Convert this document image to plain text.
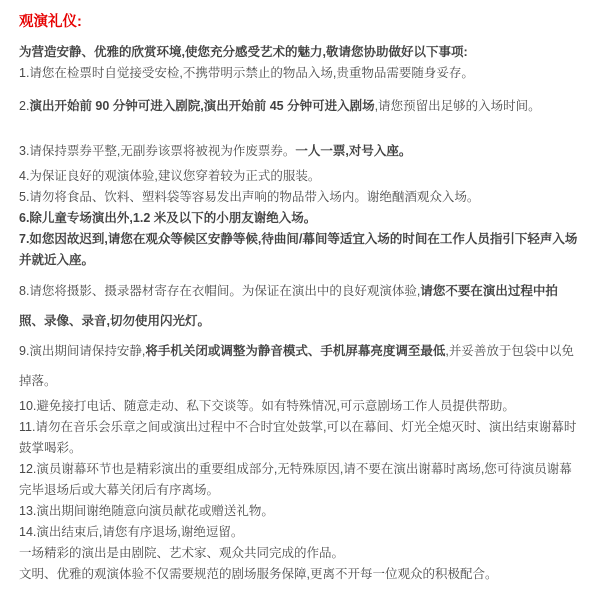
观演礼仪:

为营造安静、优雅的欣赏环境,使您充分感受艺术的魅力,敬请您协助做好以下事项:

1.请您在检票时自觉接受安检,不携带明示禁止的物品入场,贵重物品需要随身妥存。

2.演出开始前 90 分钟可进入剧院,演出开始前 45 分钟可进入剧场,请您预留出足够的入场时间。

3.请保持票券平整,无副券该票将被视为作废票券。一人一票,对号入座。

4.为保证良好的观演体验,建议您穿着较为正式的服装。

5.请勿将食品、饮料、塑料袋等容易发出声响的物品带入场内。谢绝酗酒观众入场。

6.除儿童专场演出外,1.2 米及以下的小朋友谢绝入场。

7.如您因故迟到,请您在观众等候区安静等候,待曲间/幕间等适宜入场的时间在工作人员指引下轻声入场并就近入座。

8.请您将摄影、摄录器材寄存在衣帽间。为保证在演出中的良好观演体验,请您不要在演出过程中拍照、录像、录音,切勿使用闪光灯。

9.演出期间请保持安静,将手机关闭或调整为静音模式、手机屏幕亮度调至最低,并妥善放于包袋中以免掉落。

10.避免接打电话、随意走动、私下交谈等。如有特殊情况,可示意剧场工作人员提供帮助。

11.请勿在音乐会乐章之间或演出过程中不合时宜处鼓掌,可以在幕间、灯光全熄灭时、演出结束谢幕时鼓掌喝彩。

12.演员谢幕环节也是精彩演出的重要组成部分,无特殊原因,请不要在演出谢幕时离场,您可待演员谢幕完毕退场后或大幕关闭后有序离场。

13.演出期间谢绝随意向演员献花或赠送礼物。

14.演出结束后,请您有序退场,谢绝逗留。

一场精彩的演出是由剧院、艺术家、观众共同完成的作品。

文明、优雅的观演体验不仅需要规范的剧场服务保障,更离不开每一位观众的积极配合。
